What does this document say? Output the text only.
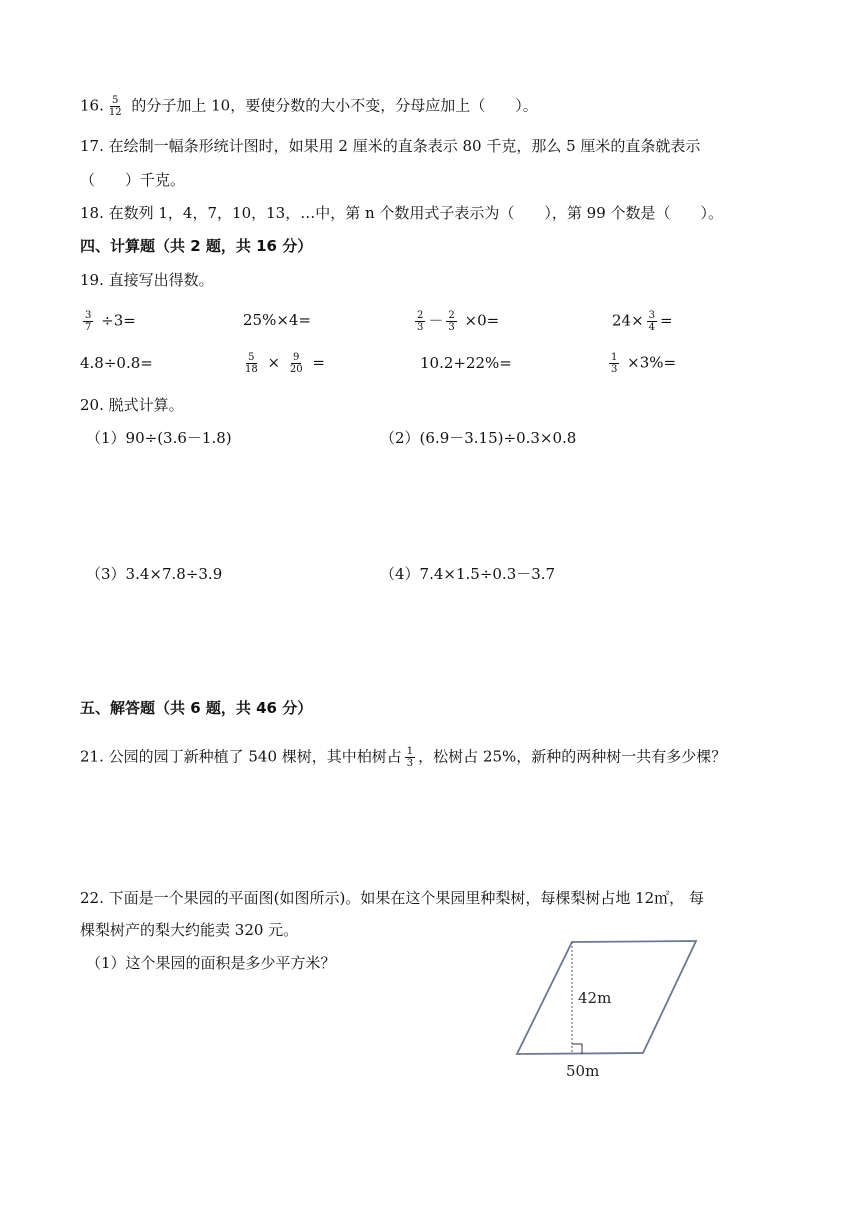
16. $\frac{5}{12}$ 的分子加上 10，要使分数的大小不变，分母应加上（　　）。
17. 在绘制一幅条形统计图时，如果用 2 厘米的直条表示 80 千克，那么 5 厘米的直条就表示
（　　）千克。
18. 在数列 1，4，7，10，13，…中，第 n 个数用式子表示为（　　），第 99 个数是（　　）。
四、计算题（共 2 题，共 16 分）
19. 直接写出得数。
$\frac{3}{7} \div 3=$	25%×4=	$\frac{2}{3} - \frac{2}{3} \times 0=$	$24\times \frac{3}{4}$ =
4.8÷0.8=	$\frac{5}{18} \times \frac{9}{20}$ =	10.2+22%=	$\frac{1}{3} \times 3\%=$
20. 脱式计算。
（1）90÷(3.6－1.8)	（2）(6.9－3.15)÷0.3×0.8
（3）3.4×7.8÷3.9	（4）7.4×1.5÷0.3－3.7
五、解答题（共 6 题，共 46 分）
21. 公园的园丁新种植了 540 棵树，其中柏树占 $\frac{1}{3}$ ，松树占 25%，新种的两种树一共有多少棵？
22. 下面是一个果园的平面图(如图所示)。如果在这个果园里种梨树，每棵梨树占地 12㎡， 每
棵梨树产的梨大约能卖 320 元。
（1）这个果园的面积是多少平方米？
42m
50m
